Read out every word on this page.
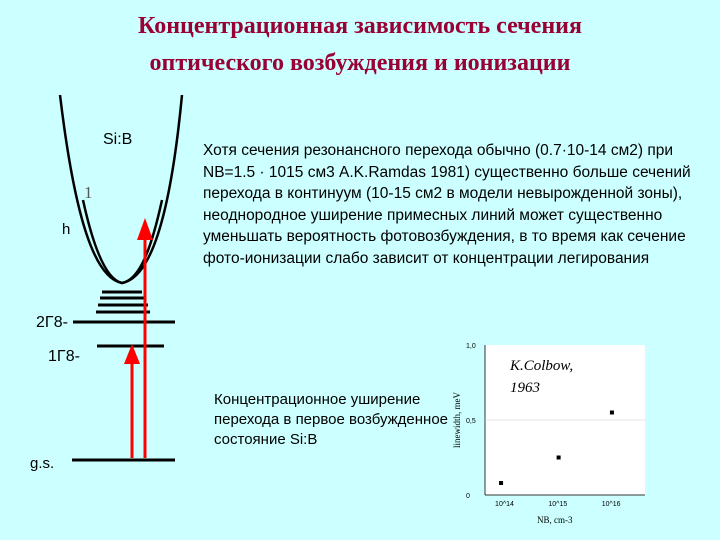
Концентрационная зависимость сечения
оптического возбуждения и ионизации
10^14	10^15	10^16
0
0,5
1,0
NB, cm-3
linewidth, meV
Si:B
1
h
2Γ8-
1Γ8-
g.s.
Хотя сечения резонансного перехода обычно (0.7·10-14 см2) при NB=1.5 · 1015 см3 A.K.Ramdas 1981) существенно больше сечений перехода в континуум (10-15 см2 в модели невырожденной зоны), неоднородное уширение примесных линий может существенно уменьшать вероятность фотовозбуждения, в то время как сечение фото-ионизации слабо зависит от концентрации легирования
Концентрационное уширение перехода в первое возбужденное состояние Si:B
K.Colbow,
1963
